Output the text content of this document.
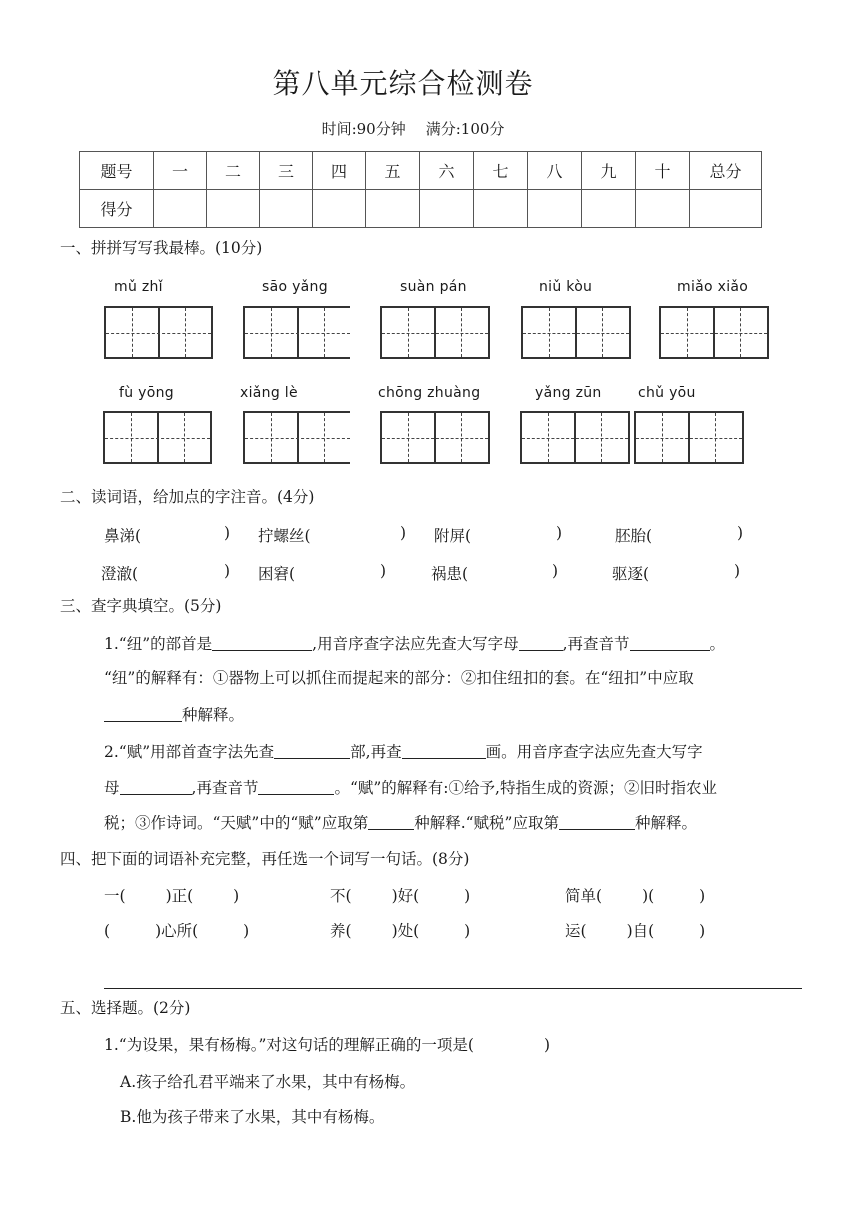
第八单元综合检测卷
时间:90分钟 满分:100分
题号	一	二	三	四	五	六	七	八	九	十	总分
得分											
一、拼拼写写我最棒。(10分)
mǔ zhǐ	sāo yǎng	suàn pán	niǔ kòu	miǎo xiǎo
fù yōng	xiǎng lè	chōng zhuàng	yǎng zūn	chǔ yōu
二、读词语，给加点的字注音。(4分)
鼻涕(	) 拧螺丝(	) 附屏(	)	胚胎(	)
澄澈(	) 困窘(	)	祸患(	)	驱逐(	)
三、查字典填空。(5分)
1.“纽”的部首是	,用音序查字法应先查大写字母	,再查音节	。
“纽”的解释有：①器物上可以抓住而提起来的部分：②扣住纽扣的套。在“纽扣”中应取
种解释。
2.“赋”用部首查字法先查	部,再查	画。用音序查字法应先查大写字
母	,再查音节	。“赋”的解释有:①给予,特指生成的资源；②旧时指农业
税；③作诗词。“天赋”中的“赋”应取第	种解释.“赋税”应取第	种解释。
四、把下面的词语补充完整，再任选一个词写一句话。(8分)
一(	)正(	)	不(	)好(	)	简单(	)(	)
(	)心所(	)	养(	)处(	)	运(	)自(	)
五、选择题。(2分)
1.“为设果，果有杨梅。”对这句话的理解正确的一项是(	)
A.孩子给孔君平端来了水果，其中有杨梅。
B.他为孩子带来了水果，其中有杨梅。
